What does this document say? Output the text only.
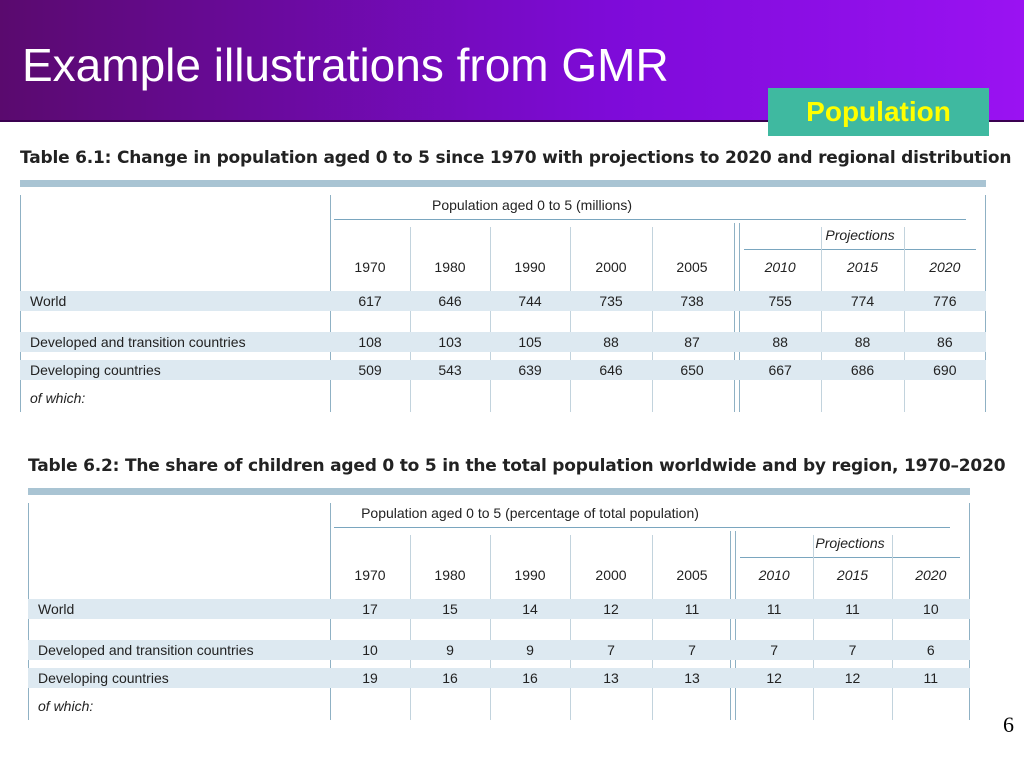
Example illustrations from GMR
Population
Table 6.1: Change in population aged 0 to 5 since 1970 with projections to 2020 and regional distribution
Population aged 0 to 5 (millions)
Projections
1970	1980	1990	2000	2005	2010	2015	2020
World	617	646	744	735	738	755	774	776
Developed and transition countries	108	103	105	88	87	88	88	86
Developing countries	509	543	639	646	650	667	686	690
of which:
Table 6.2: The share of children aged 0 to 5 in the total population worldwide and by region, 1970–2020
Population aged 0 to 5 (percentage of total population)
Projections
1970	1980	1990	2000	2005	2010	2015	2020
World	17	15	14	12	11	11	11	10
Developed and transition countries	10	9	9	7	7	7	7	6
Developing countries	19	16	16	13	13	12	12	11
of which:
6
